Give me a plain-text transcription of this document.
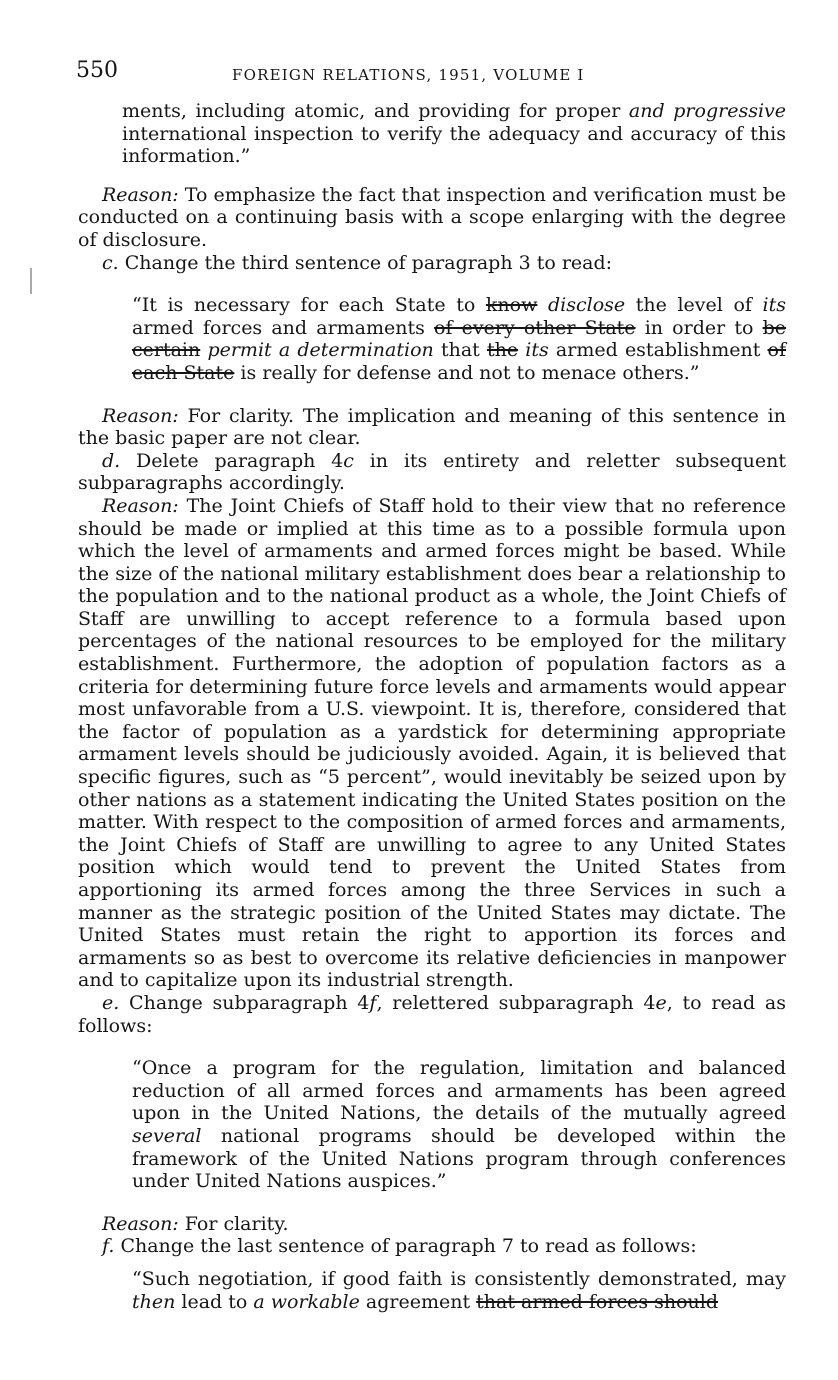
550	FOREIGN RELATIONS, 1951, VOLUME I

ments, including atomic, and providing for proper and progressive international inspection to verify the adequacy and accuracy of this information.”

Reason: To emphasize the fact that inspection and verification must be conducted on a continuing basis with a scope enlarging with the degree of disclosure.

c. Change the third sentence of paragraph 3 to read:

“It is necessary for each State to know disclose the level of its armed forces and armaments of every other State in order to be certain permit a determination that the its armed establishment of each State is really for defense and not to menace others.”

Reason: For clarity. The implication and meaning of this sentence in the basic paper are not clear.

d. Delete paragraph 4c in its entirety and reletter subsequent subparagraphs accordingly.

Reason: The Joint Chiefs of Staff hold to their view that no reference should be made or implied at this time as to a possible formula upon which the level of armaments and armed forces might be based. While the size of the national military establishment does bear a relationship to the population and to the national product as a whole, the Joint Chiefs of Staff are unwilling to accept reference to a formula based upon percentages of the national resources to be employed for the military establishment. Furthermore, the adoption of population factors as a criteria for determining future force levels and armaments would appear most unfavorable from a U.S. viewpoint. It is, therefore, considered that the factor of population as a yardstick for determining appropriate armament levels should be judiciously avoided. Again, it is believed that specific figures, such as “5 percent”, would inevitably be seized upon by other nations as a statement indicating the United States position on the matter. With respect to the composition of armed forces and armaments, the Joint Chiefs of Staff are unwilling to agree to any United States position which would tend to prevent the United States from apportioning its armed forces among the three Services in such a manner as the strategic position of the United States may dictate. The United States must retain the right to apportion its forces and armaments so as best to overcome its relative deficiencies in manpower and to capitalize upon its industrial strength.

e. Change subparagraph 4f, relettered subparagraph 4e, to read as follows:

“Once a program for the regulation, limitation and balanced reduction of all armed forces and armaments has been agreed upon in the United Nations, the details of the mutually agreed several national programs should be developed within the framework of the United Nations program through conferences under United Nations auspices.”

Reason: For clarity.

f. Change the last sentence of paragraph 7 to read as follows:

“Such negotiation, if good faith is consistently demonstrated, may then lead to a workable agreement that armed forces should
